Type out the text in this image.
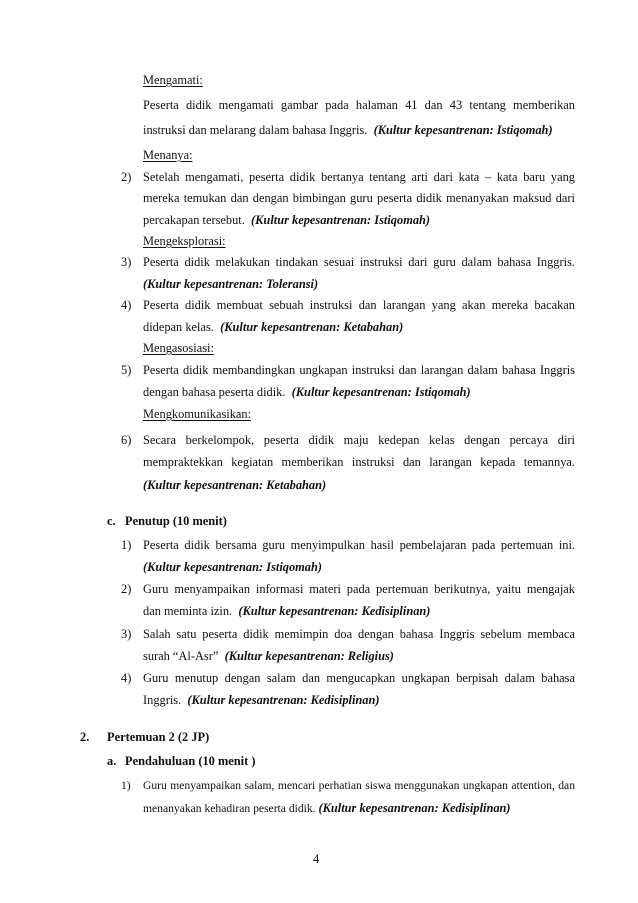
Mengamati:
Peserta didik mengamati gambar pada halaman 41 dan 43 tentang memberikan
instruksi dan melarang dalam bahasa Inggris. (Kultur kepesantrenan: Istiqomah)
Menanya:
2) Setelah mengamati, peserta didik bertanya tentang arti dari kata – kata baru yang
mereka temukan dan dengan bimbingan guru peserta didik menanyakan maksud dari
percakapan tersebut. (Kultur kepesantrenan: Istiqomah)
Mengeksplorasi:
3) Peserta didik melakukan tindakan sesuai instruksi dari guru dalam bahasa Inggris.
(Kultur kepesantrenan: Toleransi)
4) Peserta didik membuat sebuah instruksi dan larangan yang akan mereka bacakan
didepan kelas. (Kultur kepesantrenan: Ketabahan)
Mengasosiasi:
5) Peserta didik membandingkan ungkapan instruksi dan larangan dalam bahasa Inggris
dengan bahasa peserta didik. (Kultur kepesantrenan: Istiqomah)
Mengkomunikasikan:
6) Secara berkelompok, peserta didik maju kedepan kelas dengan percaya diri
mempraktekkan kegiatan memberikan instruksi dan larangan kepada temannya.
(Kultur kepesantrenan: Ketabahan)
c. Penutup (10 menit)
1) Peserta didik bersama guru menyimpulkan hasil pembelajaran pada pertemuan ini.
(Kultur kepesantrenan: Istiqomah)
2) Guru menyampaikan informasi materi pada pertemuan berikutnya, yaitu mengajak
dan meminta izin. (Kultur kepesantrenan: Kedisiplinan)
3) Salah satu peserta didik memimpin doa dengan bahasa Inggris sebelum membaca
surah “Al-Asr” (Kultur kepesantrenan: Religius)
4) Guru menutup dengan salam dan mengucapkan ungkapan berpisah dalam bahasa
Inggris. (Kultur kepesantrenan: Kedisiplinan)
2. Pertemuan 2 (2 JP)
a. Pendahuluan (10 menit )
1) Guru menyampaikan salam, mencari perhatian siswa menggunakan ungkapan attention, dan
menanyakan kehadiran peserta didik. (Kultur kepesantrenan: Kedisiplinan)
4
